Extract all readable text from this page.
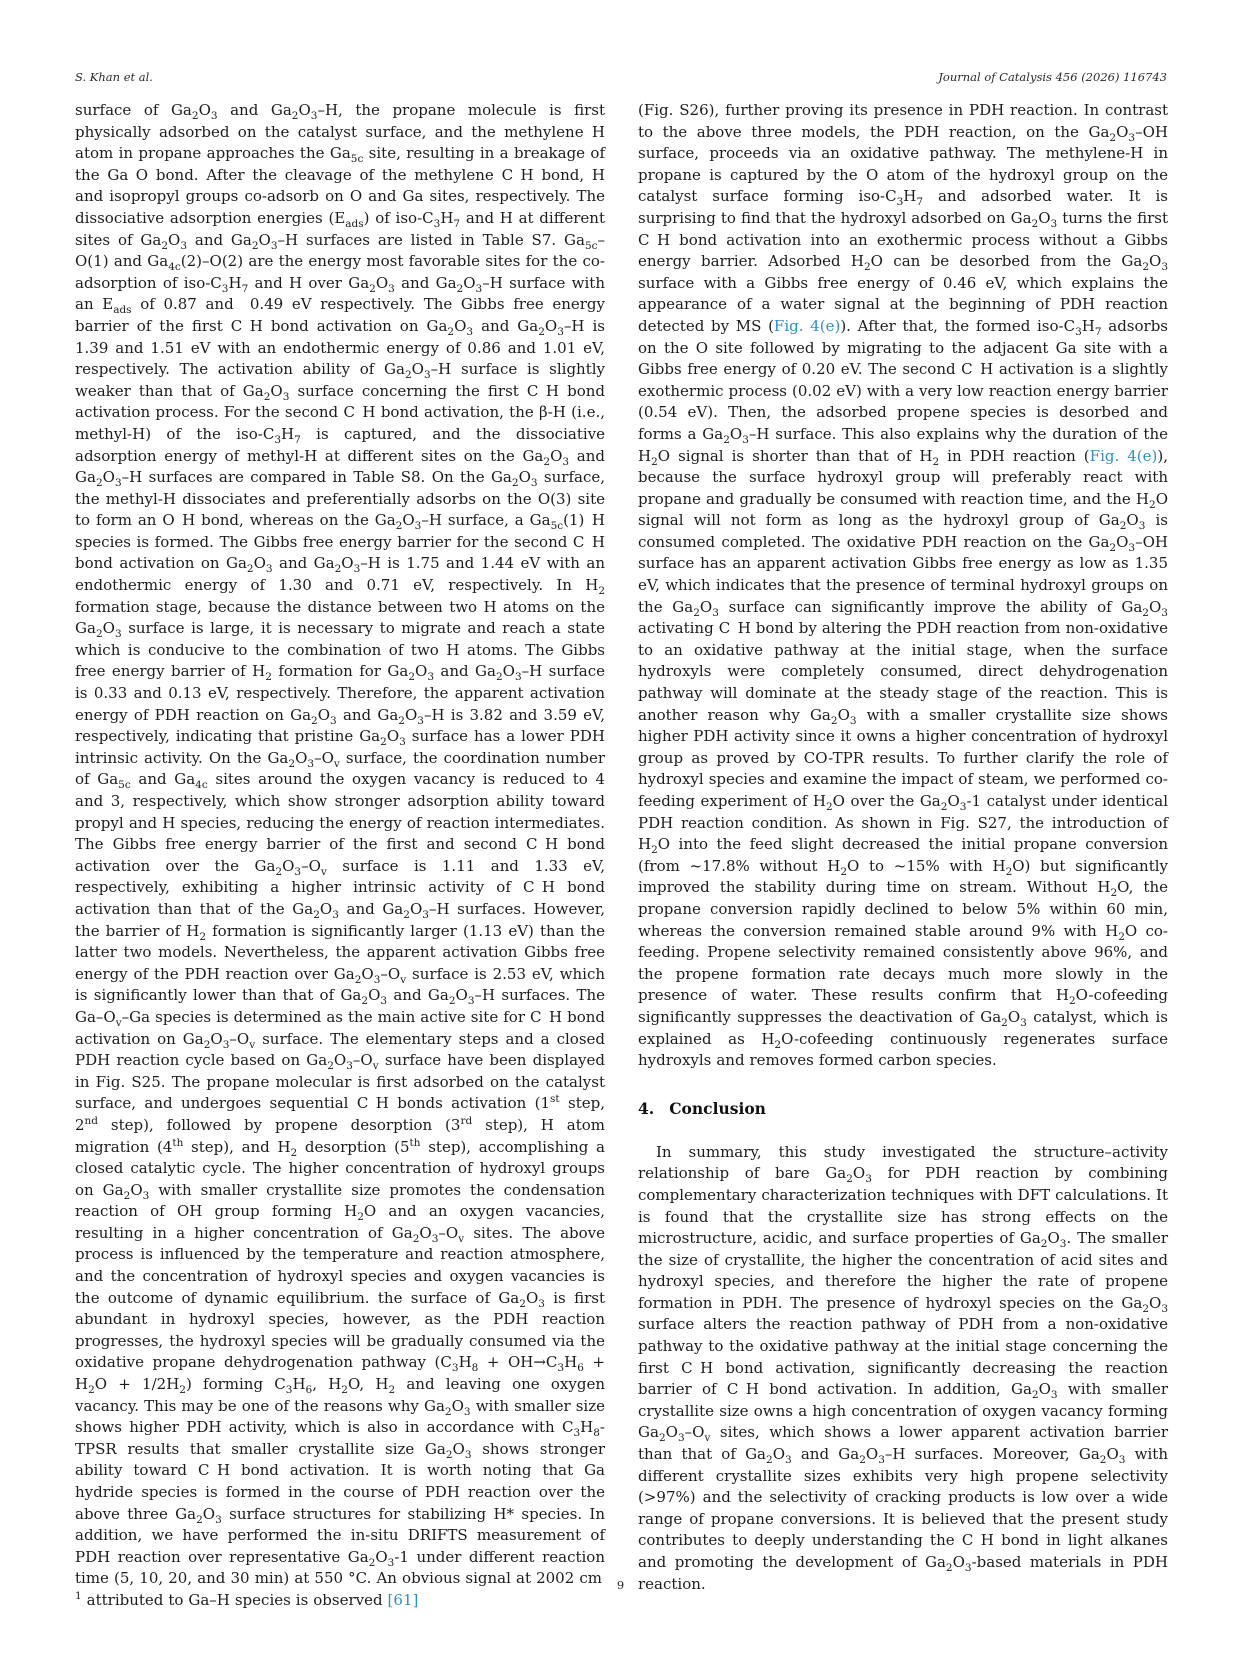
S. Khan et al.	Journal of Catalysis 456 (2026) 116743

surface of $Ga_2O_3$ and $Ga_2O_3-H$, the propane molecule is first physically adsorbed on the catalyst surface, and the methylene H atom in propane approaches the $Ga_{5c}$ site, resulting in a breakage of the Ga O bond. After the cleavage of the methylene C H bond, H and isopropyl groups co-adsorb on O and Ga sites, respectively. The dissociative adsorption energies $(E_{ads})$ of iso-$C_3H_7$ and H at different sites of $Ga_2O_3$ and $Ga_2O_3-H$ surfaces are listed in Table S7. $Ga_{5c}-O(1)$ and $Ga_{4c}(2)-O(2)$ are the energy most favorable sites for the co-adsorption of iso-$C_3H_7$ and H over $Ga_2O_3$ and $Ga_2O_3-H$ surface with an $E_{ads}$ of 0.87 and  0.49 eV respectively. The Gibbs free energy barrier of the first C H bond activation on $Ga_2O_3$ and $Ga_2O_3-H$ is 1.39 and 1.51 eV with an endothermic energy of 0.86 and 1.01 eV, respectively. The activation ability of $Ga_2O_3-H$ surface is slightly weaker than that of $Ga_2O_3$ surface concerning the first C H bond activation process. For the second C H bond activation, the β-H (i.e., methyl-H) of the iso-$C_3H_7$ is captured, and the dissociative adsorption energy of methyl-H at different sites on the $Ga_2O_3$ and $Ga_2O_3-H$ surfaces are compared in Table S8. On the $Ga_2O_3$ surface, the methyl-H dissociates and preferentially adsorbs on the O(3) site to form an O H bond, whereas on the $Ga_2O_3-H$ surface, a $Ga_{5c}(1)$ H species is formed. The Gibbs free energy barrier for the second C H bond activation on $Ga_2O_3$ and $Ga_2O_3-H$ is 1.75 and 1.44 eV with an endothermic energy of 1.30 and 0.71 eV, respectively. In $H_2$ formation stage, because the distance between two H atoms on the $Ga_2O_3$ surface is large, it is necessary to migrate and reach a state which is conducive to the combination of two H atoms. The Gibbs free energy barrier of $H_2$ formation for $Ga_2O_3$ and $Ga_2O_3-H$ surface is 0.33 and 0.13 eV, respectively. Therefore, the apparent activation energy of PDH reaction on $Ga_2O_3$ and $Ga_2O_3-H$ is 3.82 and 3.59 eV, respectively, indicating that pristine $Ga_2O_3$ surface has a lower PDH intrinsic activity. On the $Ga_2O_3-O_v$ surface, the coordination number of $Ga_{5c}$ and $Ga_{4c}$ sites around the oxygen vacancy is reduced to 4 and 3, respectively, which show stronger adsorption ability toward propyl and H species, reducing the energy of reaction intermediates. The Gibbs free energy barrier of the first and second C H bond activation over the $Ga_2O_3-O_v$ surface is 1.11 and 1.33 eV, respectively, exhibiting a higher intrinsic activity of C H bond activation than that of the $Ga_2O_3$ and $Ga_2O_3-H$ surfaces. However, the barrier of $H_2$ formation is significantly larger (1.13 eV) than the latter two models. Nevertheless, the apparent activation Gibbs free energy of the PDH reaction over $Ga_2O_3-O_v$ surface is 2.53 eV, which is significantly lower than that of $Ga_2O_3$ and $Ga_2O_3-H$ surfaces. The $Ga-O_v-Ga$ species is determined as the main active site for C H bond activation on $Ga_2O_3-O_v$ surface. The elementary steps and a closed PDH reaction cycle based on $Ga_2O_3-O_v$ surface have been displayed in Fig. S25. The propane molecular is first adsorbed on the catalyst surface, and undergoes sequential C H bonds activation (1st step, 2nd step), followed by propene desorption (3rd step), H atom migration (4th step), and $H_2$ desorption (5th step), accomplishing a closed catalytic cycle. The higher concentration of hydroxyl groups on $Ga_2O_3$ with smaller crystallite size promotes the condensation reaction of OH group forming $H_2O$ and an oxygen vacancies, resulting in a higher concentration of $Ga_2O_3-O_v$ sites. The above process is influenced by the temperature and reaction atmosphere, and the concentration of hydroxyl species and oxygen vacancies is the outcome of dynamic equilibrium. the surface of $Ga_2O_3$ is first abundant in hydroxyl species, however, as the PDH reaction progresses, the hydroxyl species will be gradually consumed via the oxidative propane dehydrogenation pathway $(C_3H_8 + OH\to C_3H_6 + H_2O + 1/2H_2)$ forming $C_3H_6$, $H_2O$, $H_2$ and leaving one oxygen vacancy. This may be one of the reasons why $Ga_2O_3$ with smaller size shows higher PDH activity, which is also in accordance with $C_3H_8$-TPSR results that smaller crystallite size $Ga_2O_3$ shows stronger ability toward C H bond activation. It is worth noting that Ga hydride species is formed in the course of PDH reaction over the above three $Ga_2O_3$ surface structures for stabilizing H* species. In addition, we have performed the in-situ DRIFTS measurement of PDH reaction over representative $Ga_2O_3-1$ under different reaction time (5, 10, 20, and 30 min) at 550 °C. An obvious signal at 2002 cm $^1$ attributed to Ga–H species is observed [61]

(Fig. S26), further proving its presence in PDH reaction. In contrast to the above three models, the PDH reaction, on the $Ga_2O_3-OH$ surface, proceeds via an oxidative pathway. The methylene-H in propane is captured by the O atom of the hydroxyl group on the catalyst surface forming iso-$C_3H_7$ and adsorbed water. It is surprising to find that the hydroxyl adsorbed on $Ga_2O_3$ turns the first C H bond activation into an exothermic process without a Gibbs energy barrier. Adsorbed $H_2O$ can be desorbed from the $Ga_2O_3$ surface with a Gibbs free energy of 0.46 eV, which explains the appearance of a water signal at the beginning of PDH reaction detected by MS (Fig. 4(e)). After that, the formed iso-$C_3H_7$ adsorbs on the O site followed by migrating to the adjacent Ga site with a Gibbs free energy of 0.20 eV. The second C H activation is a slightly exothermic process (0.02 eV) with a very low reaction energy barrier (0.54 eV). Then, the adsorbed propene species is desorbed and forms a $Ga_2O_3-H$ surface. This also explains why the duration of the $H_2O$ signal is shorter than that of $H_2$ in PDH reaction (Fig. 4(e)), because the surface hydroxyl group will preferably react with propane and gradually be consumed with reaction time, and the $H_2O$ signal will not form as long as the hydroxyl group of $Ga_2O_3$ is consumed completed. The oxidative PDH reaction on the $Ga_2O_3-OH$ surface has an apparent activation Gibbs free energy as low as 1.35 eV, which indicates that the presence of terminal hydroxyl groups on the $Ga_2O_3$ surface can significantly improve the ability of $Ga_2O_3$ activating C H bond by altering the PDH reaction from non-oxidative to an oxidative pathway at the initial stage, when the surface hydroxyls were completely consumed, direct dehydrogenation pathway will dominate at the steady stage of the reaction. This is another reason why $Ga_2O_3$ with a smaller crystallite size shows higher PDH activity since it owns a higher concentration of hydroxyl group as proved by CO-TPR results. To further clarify the role of hydroxyl species and examine the impact of steam, we performed co-feeding experiment of $H_2O$ over the $Ga_2O_3-1$ catalyst under identical PDH reaction condition. As shown in Fig. S27, the introduction of $H_2O$ into the feed slight decreased the initial propane conversion (from ~17.8% without $H_2O$ to ~15% with $H_2O$) but significantly improved the stability during time on stream. Without $H_2O$, the propane conversion rapidly declined to below 5% within 60 min, whereas the conversion remained stable around 9% with $H_2O$ co-feeding. Propene selectivity remained consistently above 96%, and the propene formation rate decays much more slowly in the presence of water. These results confirm that $H_2O$-cofeeding significantly suppresses the deactivation of $Ga_2O_3$ catalyst, which is explained as $H_2O$-cofeeding continuously regenerates surface hydroxyls and removes formed carbon species.

4. Conclusion

In summary, this study investigated the structure–activity relationship of bare $Ga_2O_3$ for PDH reaction by combining complementary characterization techniques with DFT calculations. It is found that the crystallite size has strong effects on the microstructure, acidic, and surface properties of $Ga_2O_3$. The smaller the size of crystallite, the higher the concentration of acid sites and hydroxyl species, and therefore the higher the rate of propene formation in PDH. The presence of hydroxyl species on the $Ga_2O_3$ surface alters the reaction pathway of PDH from a non-oxidative pathway to the oxidative pathway at the initial stage concerning the first C H bond activation, significantly decreasing the reaction barrier of C H bond activation. In addition, $Ga_2O_3$ with smaller crystallite size owns a high concentration of oxygen vacancy forming $Ga_2O_3-O_v$ sites, which shows a lower apparent activation barrier than that of $Ga_2O_3$ and $Ga_2O_3-H$ surfaces. Moreover, $Ga_2O_3$ with different crystallite sizes exhibits very high propene selectivity (>97%) and the selectivity of cracking products is low over a wide range of propane conversions. It is believed that the present study contributes to deeply understanding the C H bond in light alkanes and promoting the development of $Ga_2O_3$-based materials in PDH reaction.

9
